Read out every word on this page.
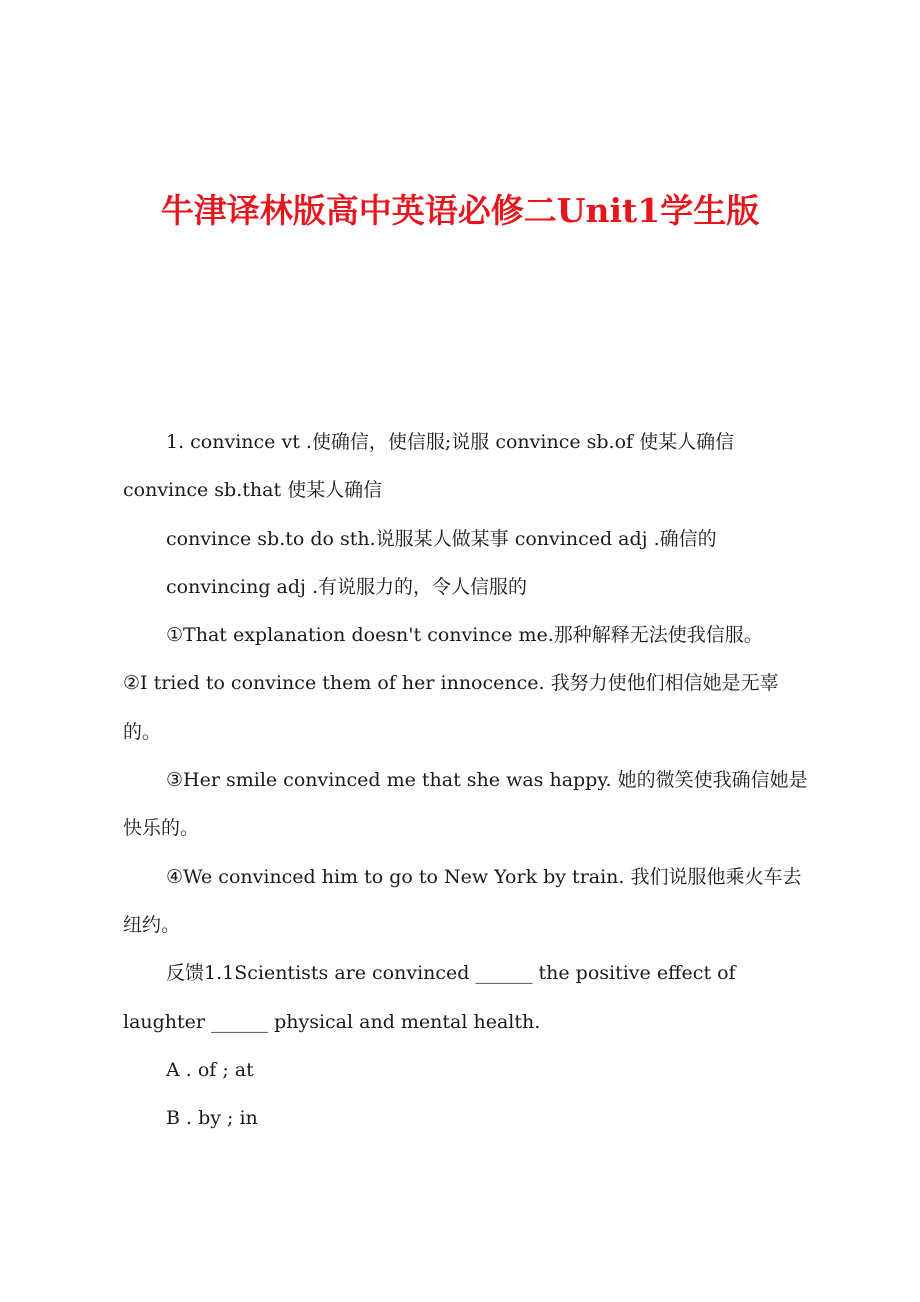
牛津译林版高中英语必修二Unit1学生版

1. convince vt .使确信，使信服;说服 convince sb.of 使某人确信 convince sb.that 使某人确信

convince sb.to do sth.说服某人做某事 convinced adj .确信的

convincing adj .有说服力的，令人信服的

①That explanation doesn't convince me.那种解释无法使我信服。

②I tried to convince them of her innocence. 我努力使他们相信她是无辜的。

③Her smile convinced me that she was happy. 她的微笑使我确信她是快乐的。

④We convinced him to go to New York by train. 我们说服他乘火车去纽约。

反馈1.1Scientists are convinced ______ the positive effect of laughter ______ physical and mental health.

A . of ; at

B . by ; in
